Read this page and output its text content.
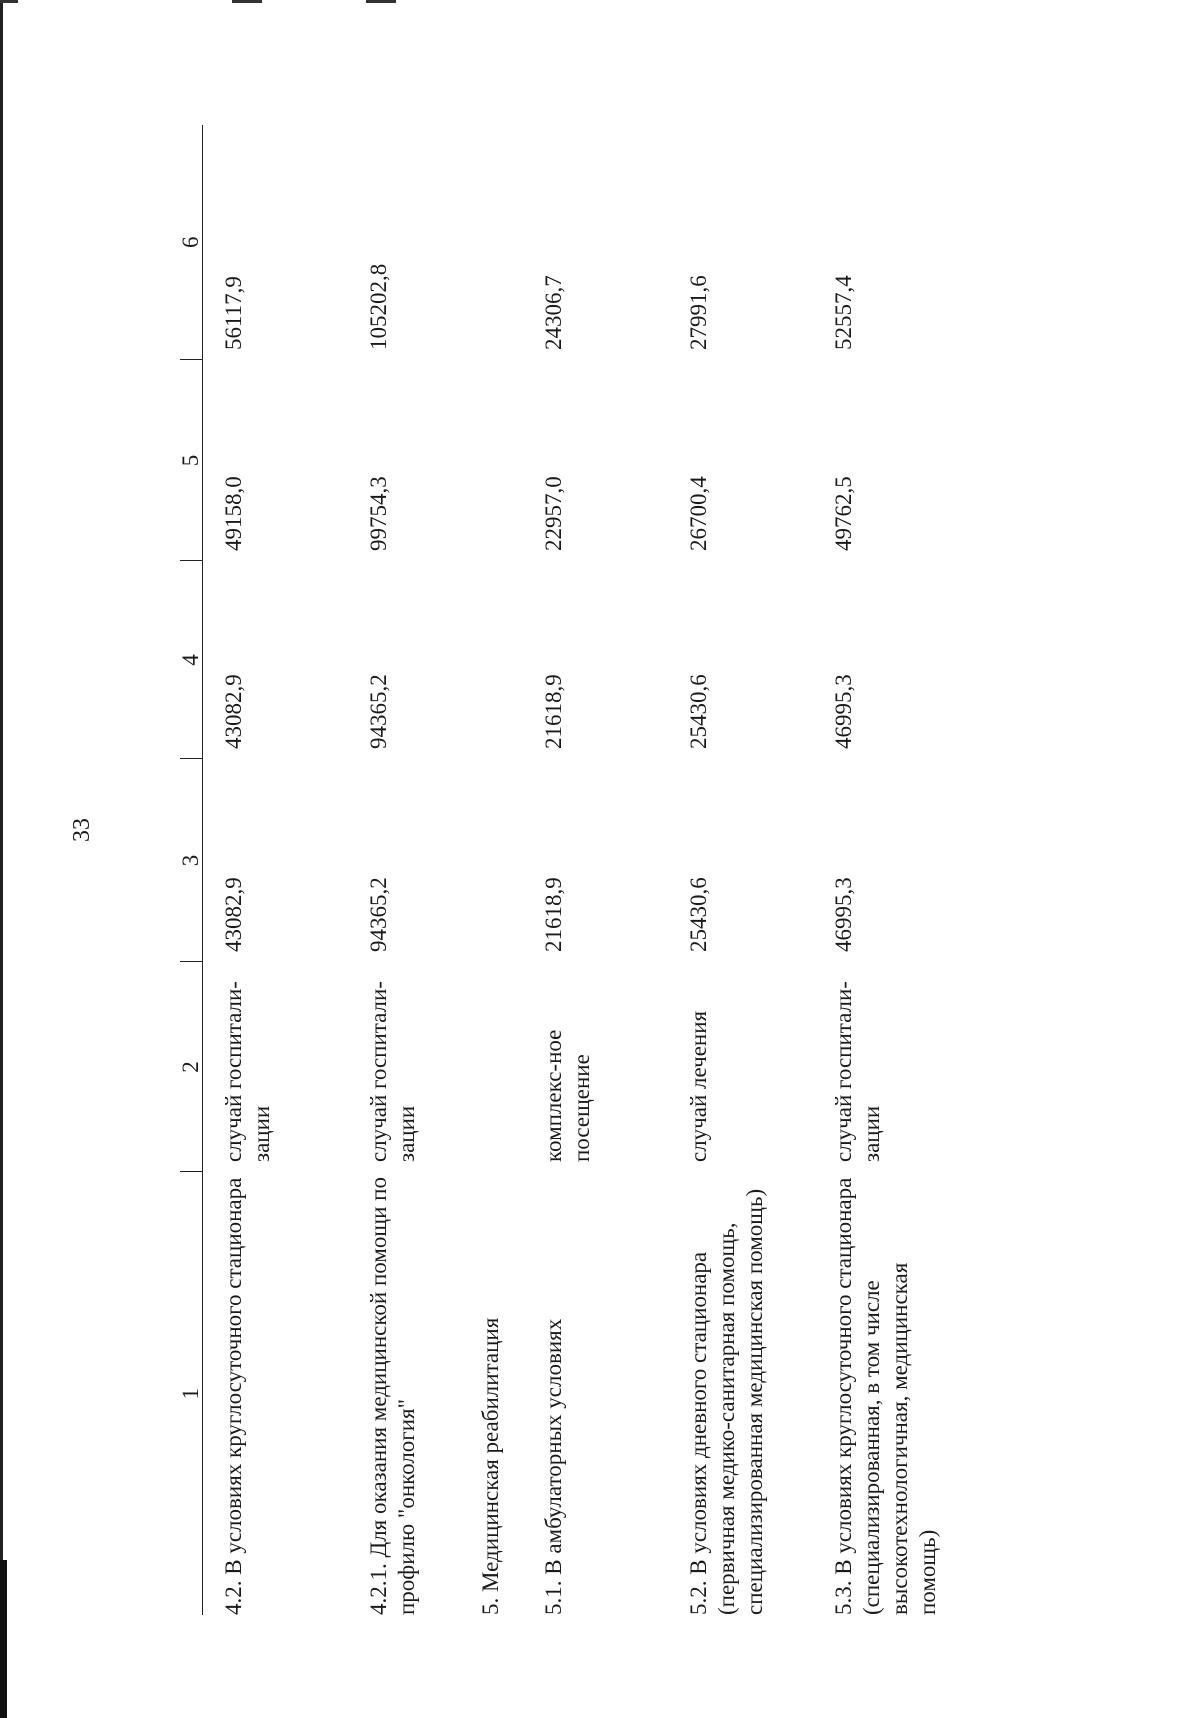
33
1	2	3	4	5	6
4.2. В условиях круглосуточного стационара	случай госпитали-зации	43082,9	43082,9	49158,0	56117,9
4.2.1. Для оказания медицинской помощи по профилю "онкология"	случай госпитали-зации	94365,2	94365,2	99754,3	105202,8
5. Медицинская реабилитация					
5.1. В амбулаторных условиях	комплекс-ное посещение	21618,9	21618,9	22957,0	24306,7
5.2. В условиях дневного стационара (первичная медико-санитарная помощь, специализированная медицинская помощь)	случай лечения	25430,6	25430,6	26700,4	27991,6
5.3. В условиях круглосуточного стационара (специализированная, в том числе высокотехнологичная, медицинская помощь)	случай госпитали-зации	46995,3	46995,3	49762,5	52557,4
